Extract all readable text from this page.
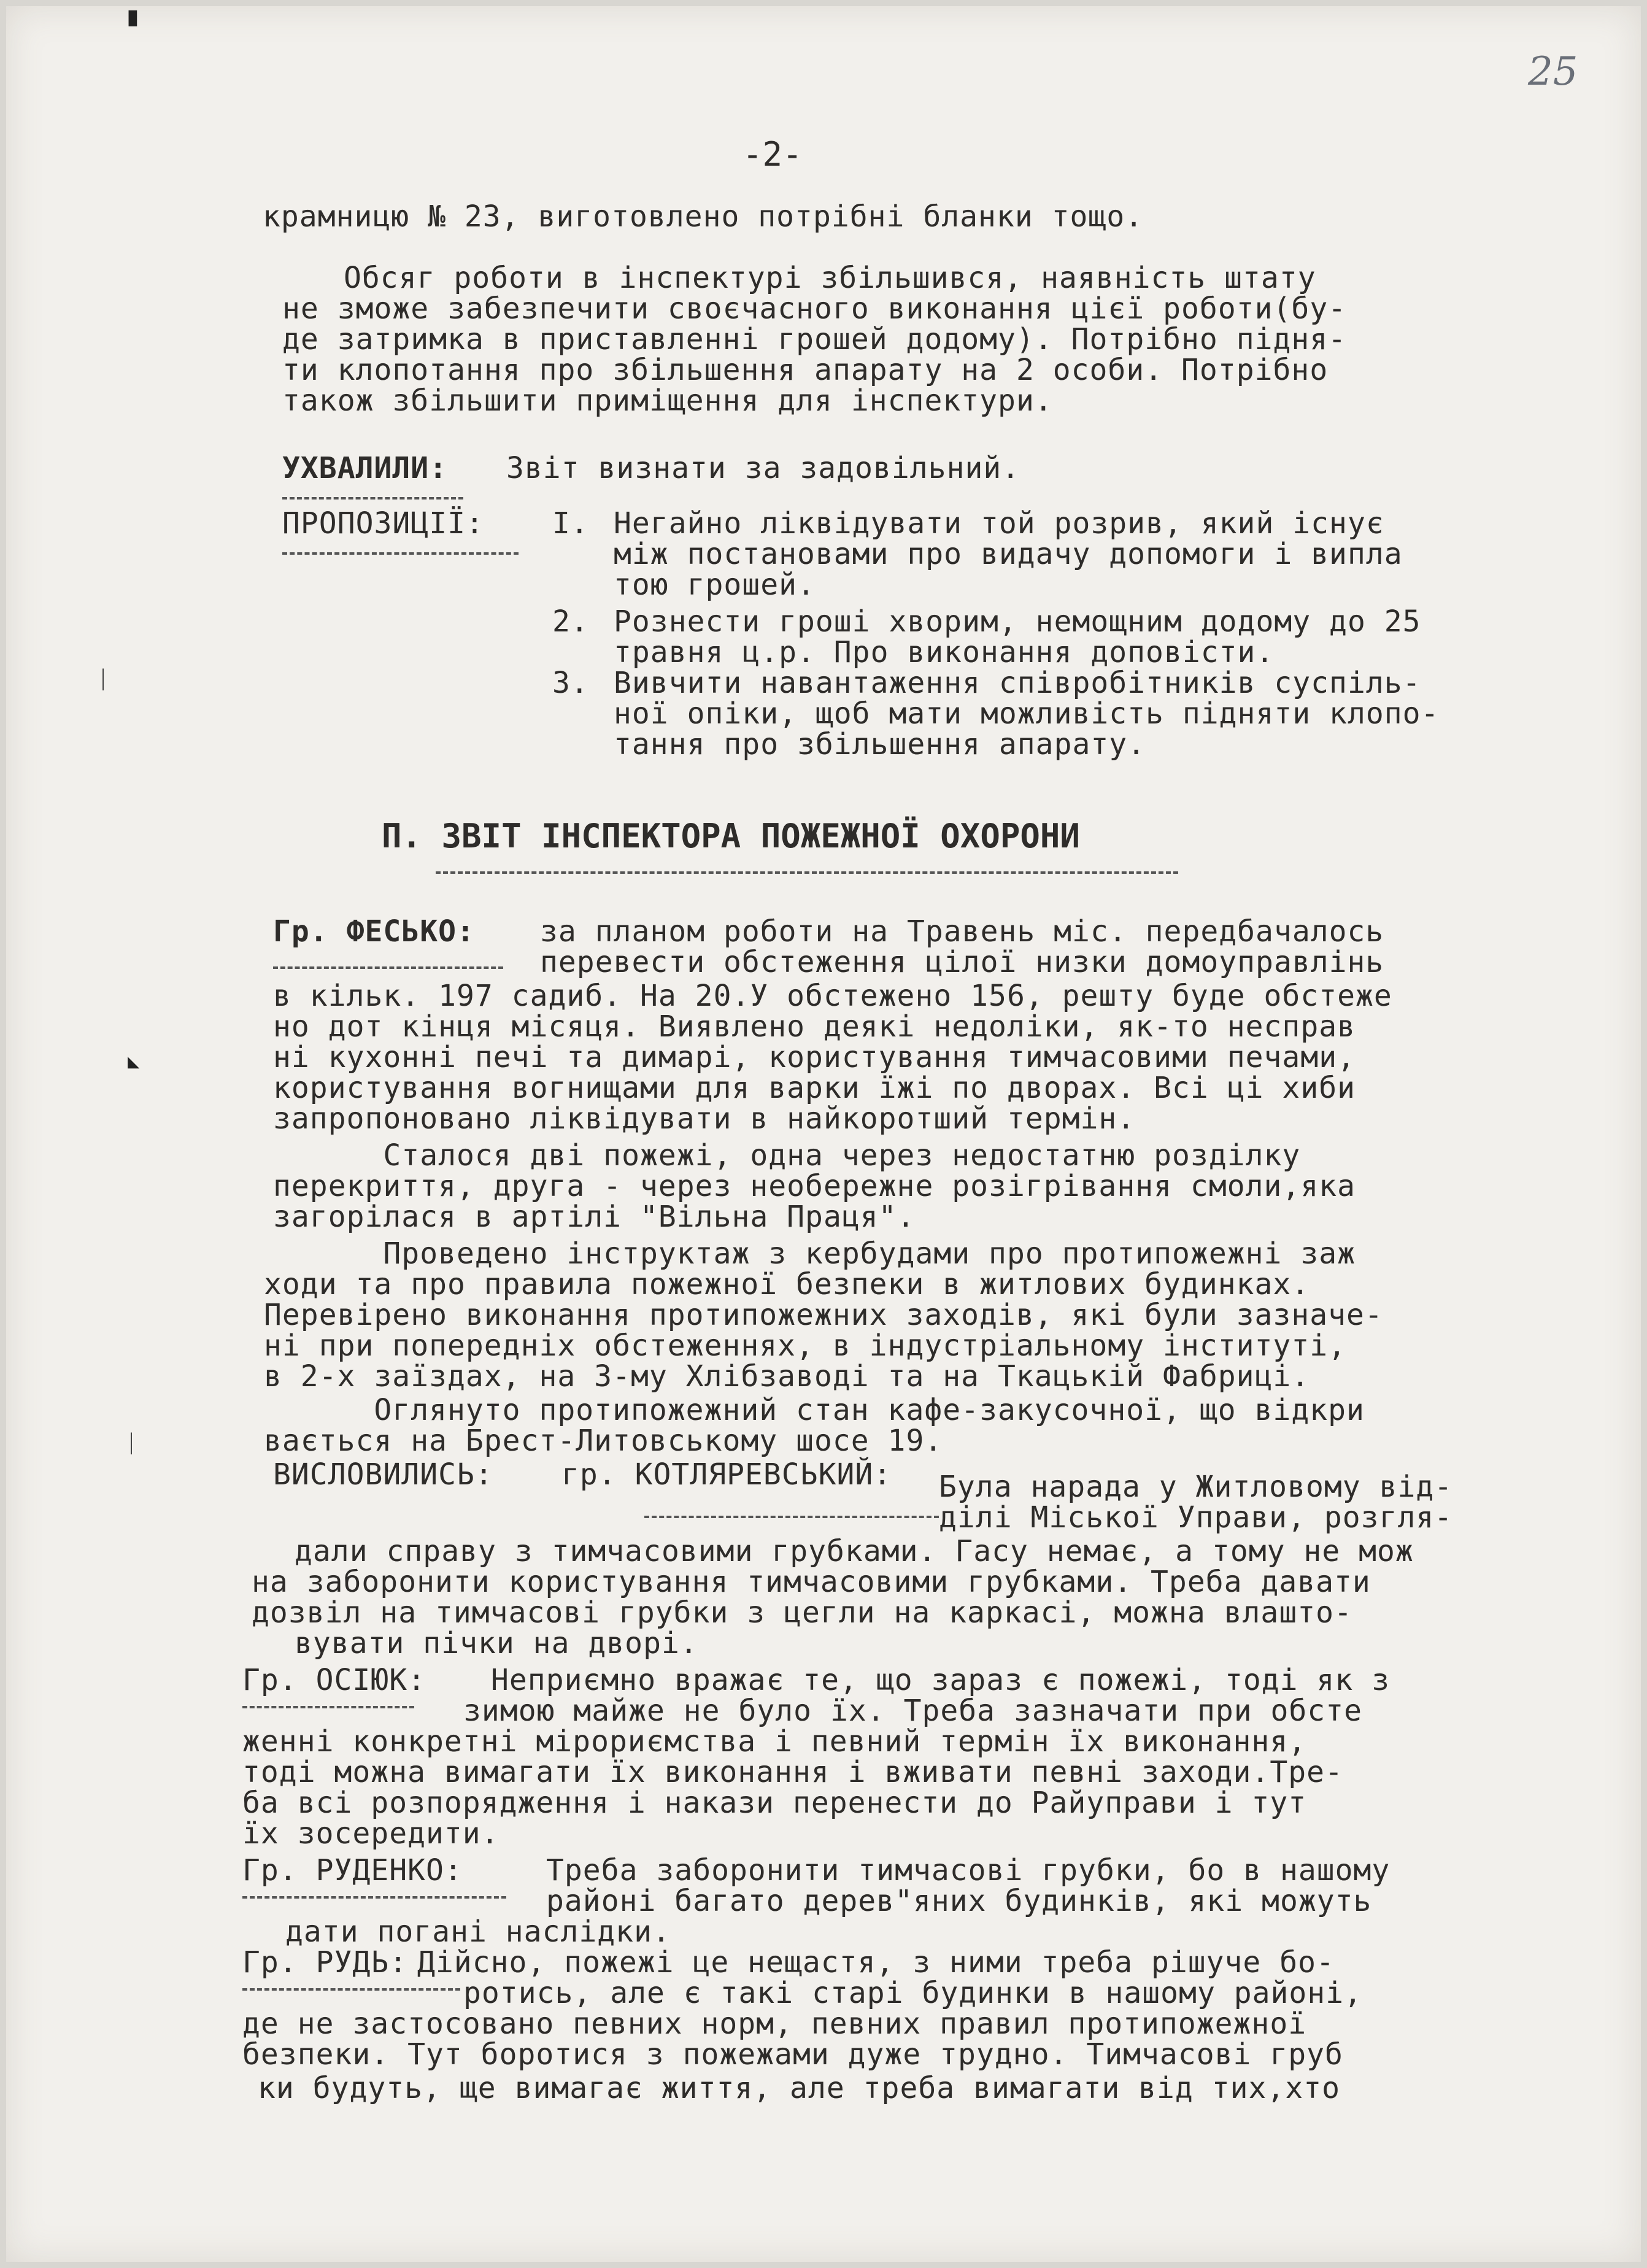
▘
◣
ᛁ
ᛁ
25
-2-
крамницю № 23, виготовлено потрібні бланки тощо.
Обсяг роботи в інспектурі збільшився, наявність штату
не зможе забезпечити своєчасного виконання цієї роботи(бу-
де затримка в приставленні грошей додому). Потрібно підня-
ти клопотання про збільшення апарату на 2 особи. Потрібно
також збільшити приміщення для інспектури.
УХВАЛИЛИ: Звіт визнати за задовільний.
ПРОПОЗИЦІЇ: I. Негайно ліквідувати той розрив, який існує
між постановами про видачу допомоги і випла
тою грошей.
2. Рознести гроші хворим, немощним додому до 25
травня ц.р. Про виконання доповісти.
3. Вивчити навантаження співробітників суспіль-
ної опіки, щоб мати можливість підняти клопо-
тання про збільшення апарату.
П. ЗВІТ ІНСПЕКТОРА ПОЖЕЖНОЇ ОХОРОНИ
Гр. ФЕСЬКО: за планом роботи на Травень міс. передбачалось
перевести обстеження цілої низки домоуправлінь
в кільк. 197 садиб. На 20.У обстежено 156, решту буде обстеже
но дот кінця місяця. Виявлено деякі недоліки, як-то несправ
ні кухонні печі та димарі, користування тимчасовими печами,
користування вогнищами для варки їжі по дворах. Всі ці хиби
запропоновано ліквідувати в найкоротший термін.
Сталося дві пожежі, одна через недостатню розділку
перекриття, друга - через необережне розігрівання смоли,яка
загорілася в артілі "Вільна Праця".
Проведено інструктаж з кербудами про протипожежні заж
ходи та про правила пожежної безпеки в житлових будинках.
Перевірено виконання протипожежних заходів, які були зазначе-
ні при попередніх обстеженнях, в індустріальному інституті,
в 2-х заїздах, на 3-му Хлібзаводі та на Ткацькій Фабриці.
Оглянуто протипожежний стан кафе-закусочної, що відкри
вається на Брест-Литовському шосе 19.
ВИСЛОВИЛИСЬ: гр. КОТЛЯРЕВСЬКИЙ: Була нарада у Житловому від-
ділі Міської Управи, розгля-
дали справу з тимчасовими грубками. Гасу немає, а тому не мож
на заборонити користування тимчасовими грубками. Треба давати
дозвіл на тимчасові грубки з цегли на каркасі, можна влашто-
вувати пічки на дворі.
Гр. ОСІЮК: Неприємно вражає те, що зараз є пожежі, тоді як з
зимою майже не було їх. Треба зазначати при обсте
женні конкретні мірориємства і певний термін їх виконання,
тоді можна вимагати їх виконання і вживати певні заходи.Тре-
ба всі розпорядження і накази перенести до Райуправи і тут
їх зосередити.
Гр. РУДЕНКО:	Треба заборонити тимчасові грубки, бо в нашому
районі багато дерев"яних будинків, які можуть
дати погані наслідки.
Гр. РУДЬ: Дійсно, пожежі це нещастя, з ними треба рішуче бо-
ротись, але є такі старі будинки в нашому районі,
де не застосовано певних норм, певних правил протипожежної
безпеки. Тут боротися з пожежами дуже трудно. Тимчасові груб
ки будуть, ще вимагає життя, але треба вимагати від тих,хто
